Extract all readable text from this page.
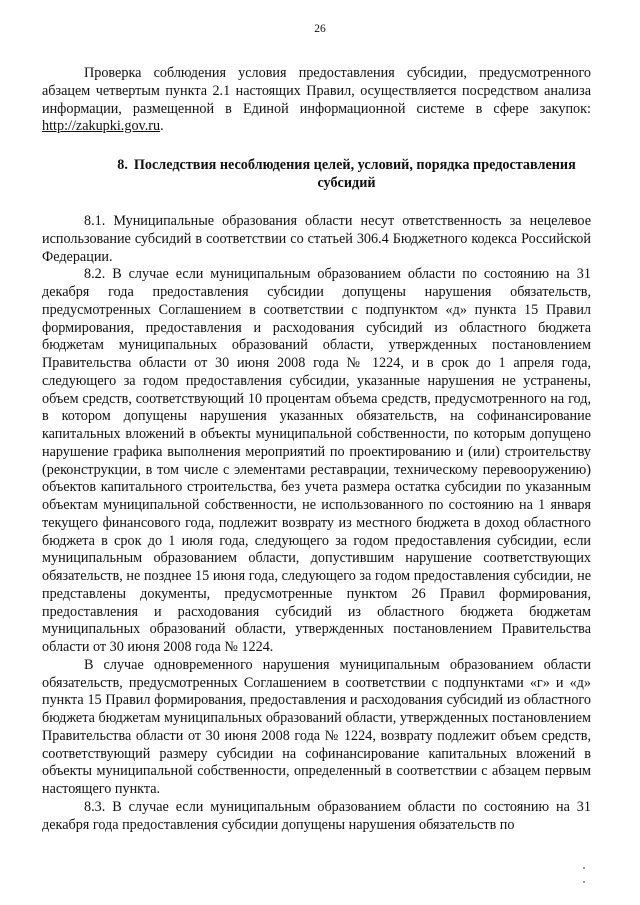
26

Проверка соблюдения условия предоставления субсидии, предусмотренного абзацем четвертым пункта 2.1 настоящих Правил, осуществляется посредством анализа информации, размещенной в Единой информационной системе в сфере закупок: http://zakupki.gov.ru.

8. Последствия несоблюдения целей, условий, порядка предоставления субсидий

8.1. Муниципальные образования области несут ответственность за нецелевое использование субсидий в соответствии со статьей 306.4 Бюджетного кодекса Российской Федерации.

8.2. В случае если муниципальным образованием области по состоянию на 31 декабря года предоставления субсидии допущены нарушения обязательств, предусмотренных Соглашением в соответствии с подпунктом «д» пункта 15 Правил формирования, предоставления и расходования субсидий из областного бюджета бюджетам муниципальных образований области, утвержденных постановлением Правительства области от 30 июня 2008 года № 1224, и в срок до 1 апреля года, следующего за годом предоставления субсидии, указанные нарушения не устранены, объем средств, соответствующий 10 процентам объема средств, предусмотренного на год, в котором допущены нарушения указанных обязательств, на софинансирование капитальных вложений в объекты муниципальной собственности, по которым допущено нарушение графика выполнения мероприятий по проектированию и (или) строительству (реконструкции, в том числе с элементами реставрации, техническому перевооружению) объектов капитального строительства, без учета размера остатка субсидии по указанным объектам муниципальной собственности, не использованного по состоянию на 1 января текущего финансового года, подлежит возврату из местного бюджета в доход областного бюджета в срок до 1 июля года, следующего за годом предоставления субсидии, если муниципальным образованием области, допустившим нарушение соответствующих обязательств, не позднее 15 июня года, следующего за годом предоставления субсидии, не представлены документы, предусмотренные пунктом 26 Правил формирования, предоставления и расходования субсидий из областного бюджета бюджетам муниципальных образований области, утвержденных постановлением Правительства области от 30 июня 2008 года № 1224.

В случае одновременного нарушения муниципальным образованием области обязательств, предусмотренных Соглашением в соответствии с подпунктами «г» и «д» пункта 15 Правил формирования, предоставления и расходования субсидий из областного бюджета бюджетам муниципальных образований области, утвержденных постановлением Правительства области от 30 июня 2008 года № 1224, возврату подлежит объем средств, соответствующий размеру субсидии на софинансирование капитальных вложений в объекты муниципальной собственности, определенный в соответствии с абзацем первым настоящего пункта.

8.3. В случае если муниципальным образованием области по состоянию на 31 декабря года предоставления субсидии допущены нарушения обязательств по
